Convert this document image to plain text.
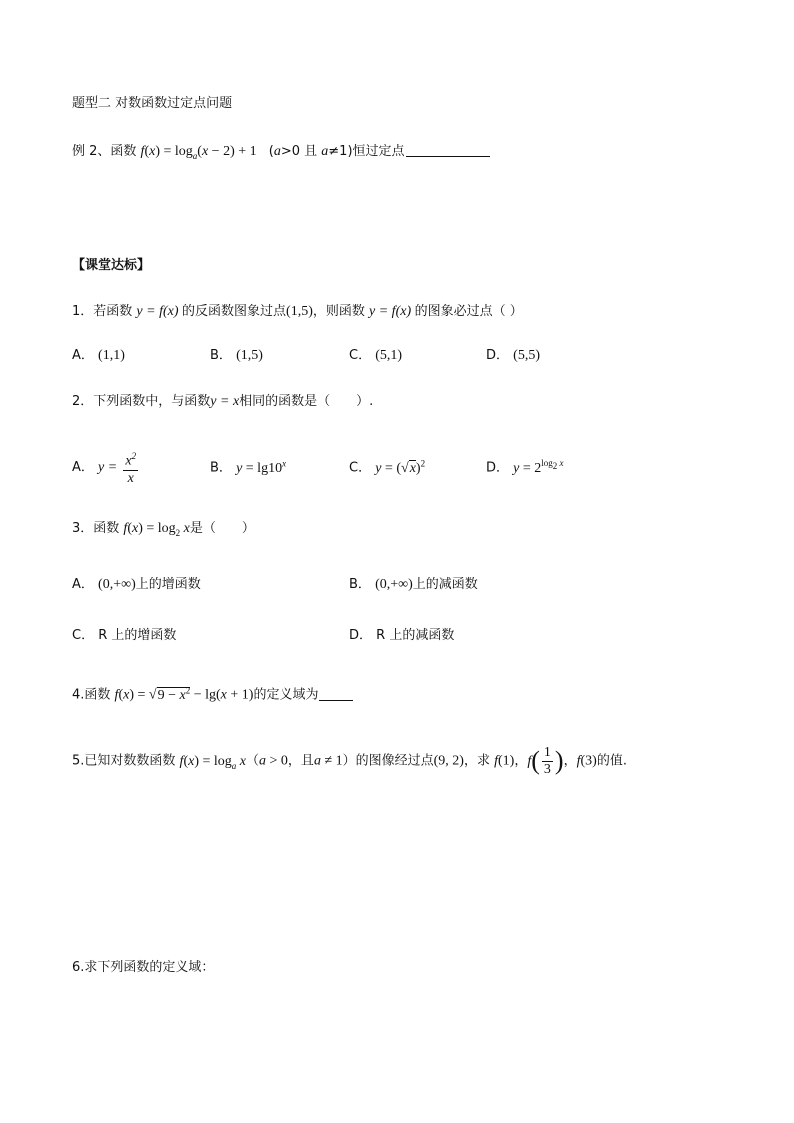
题型二 对数函数过定点问题
例 2、函数 $f(x) = \log_a(x - 2) + 1$ (a>0 且 a≠1)恒过定点
【课堂达标】
1．若函数 y = f(x) 的反函数图象过点(1,5)，则函数 y = f(x) 的图象必过点（ ）
A． (1,1)	B． (1,5)	C． (5,1)	D． (5,5)
2．下列函数中，与函数y = x相同的函数是（　　）.
A． $y = \frac{x^2}{x}$	B． $y = \lg 10^x$	C． $y = (√x)^2$	D． $y = 2^{log_2 x}$
3．函数 $f(x) = \log_2 x$是（　　）
A． (0,+∞)上的增函数	B． (0,+∞)上的减函数
C． R 上的增函数	D． R 上的减函数
4.函数 $f(x) = √9 - x^2 - \lg(x + 1)$的定义域为
5.已知对数数函数 $f(x) = \log_a x(a > 0$，且a ≠ 1）的图像经过点(9, 2)，求 f(1)，$f( \frac{1}{3}$ )，f(3)的值.
6.求下列函数的定义域：
